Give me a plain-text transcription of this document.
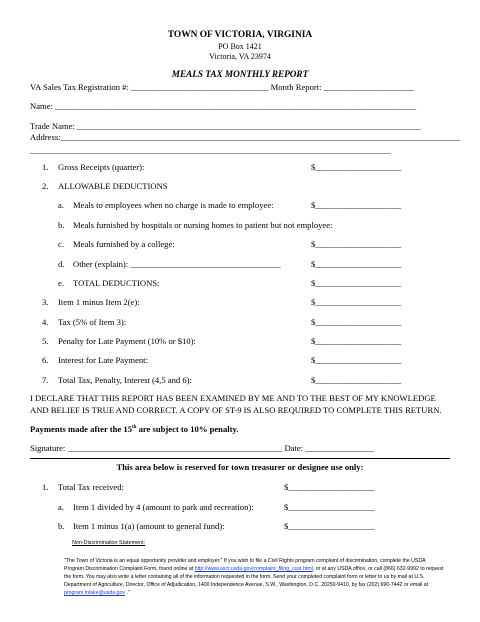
TOWN OF VICTORIA, VIRGINIA
PO Box 1421
Victoria, VA 23974
MEALS TAX MONTHLY REPORT
VA Sales Tax Registration #: ________________________________ Month Report: _____________________
Name: ____________________________________________________________________________________
Trade Name: ________________________________________________________________________________
Address:_____________________________________________________________________________________________
____________________________________________________________________________________
1. Gross Receipts (quarter):	$____________________
2. ALLOWABLE DEDUCTIONS
a. Meals to employees when no charge is made to employee:	$____________________
b. Meals furnished by hospitals or nursing homes to patient but not employee:
c. Meals furnished by a college:	$____________________
d. Other (explain): ___________________________________	$____________________
e. TOTAL DEDUCTIONS:	$____________________
3. Item 1 minus Item 2(e):	$____________________
4. Tax (5% of Item 3):	$____________________
5. Penalty for Late Payment (10% or $10):	$____________________
6. Interest for Late Payment:	$____________________
7. Total Tax, Penalty, Interest (4,5 and 6):	$____________________
I DECLARE THAT THIS REPORT HAS BEEN EXAMINED BY ME AND TO THE BEST OF MY KNOWLEDGE
AND BELIEF IS TRUE AND CORRECT. A COPY OF ST-9 IS ALSO REQUIRED TO COMPLETE THIS RETURN.
Payments made after the 15th are subject to 10% penalty.
Signature: __________________________________________________ Date: ________________
This area below is reserved for town treasurer or designee use only:
1. Total Tax received:	$____________________
a. Item 1 divided by 4 (amount to park and recreation):	$____________________
b. Item 1 minus 1(a) (amount to general fund):	$____________________
Non-Discrimination Statement:
"The Town of Victoria is an equal opportunity provider and employer." If you wish to file a Civil Rights program complaint of discrimination, complete the USDA Program Discrimination Complaint Form, found online at http://www.ascr.usda.gov/complaint_filing_cust.html, or at any USDA office, or call (866) 632-9992 to request the form. You may also write a letter containing all of the information requested in the form. Send your completed complaint form or letter to us by mail at U.S. Department of Agriculture, Director, Office of Adjudication, 1400 Independence Avenue, S.W., Washington, D.C. 20250-9410, by fax (202) 690-7442 or email at program.intake@usda.gov ."
